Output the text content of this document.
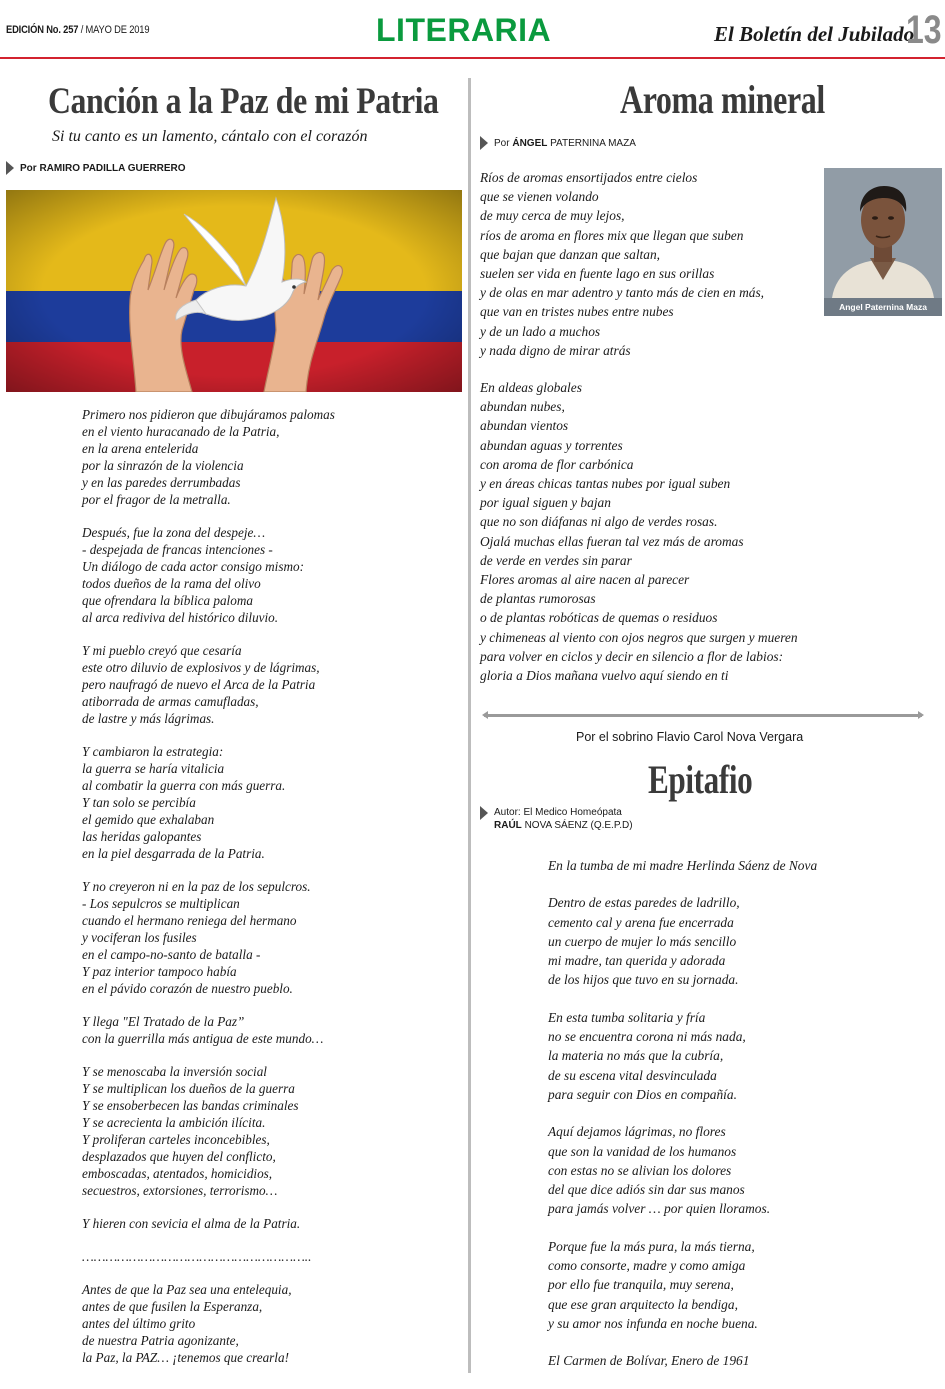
EDICIÓN No. 257 / MAYO DE 2019	LITERARIA	El Boletín del Jubilado
13
Canción a la Paz de mi Patria
Si tu canto es un lamento, cántalo con el corazón
Por RAMIRO PADILLA GUERRERO
Primero nos pidieron que dibujáramos palomas
en el viento huracanado de la Patria,
en la arena entelerida
por la sinrazón de la violencia
y en las paredes derrumbadas
por el fragor de la metralla.
Después, fue la zona del despeje…
- despejada de francas intenciones -
Un diálogo de cada actor consigo mismo:
todos dueños de la rama del olivo
que ofrendara la bíblica paloma
al arca rediviva del histórico diluvio.
Y mi pueblo creyó que cesaría
este otro diluvio de explosivos y de lágrimas,
pero naufragó de nuevo el Arca de la Patria
atiborrada de armas camufladas,
de lastre y más lágrimas.
Y cambiaron la estrategia:
la guerra se haría vitalicia
al combatir la guerra con más guerra.
Y tan solo se percibía
el gemido que exhalaban
las heridas galopantes
en la piel desgarrada de la Patria.
Y no creyeron ni en la paz de los sepulcros.
- Los sepulcros se multiplican
cuando el hermano reniega del hermano
y vociferan los fusiles
en el campo-no-santo de batalla -
Y paz interior tampoco había
en el pávido corazón de nuestro pueblo.
Y llega "El Tratado de la Paz”
con la guerrilla más antigua de este mundo…
Y se menoscaba la inversión social
Y se multiplican los dueños de la guerra
Y se ensoberbecen las bandas criminales
Y se acrecienta la ambición ilícita.
Y proliferan carteles inconcebibles,
desplazados que huyen del conflicto,
emboscadas, atentados, homicidios,
secuestros, extorsiones, terrorismo…
Y hieren con sevicia el alma de la Patria.
…………………………………………………..
Antes de que la Paz sea una entelequia,
antes de que fusilen la Esperanza,
antes del último grito
de nuestra Patria agonizante,
la Paz, la PAZ… ¡tenemos que crearla!
Aroma mineral
Por
ÁNGEL
PATERNINA MAZA
Ríos de aromas ensortijados entre cielos
que se vienen volando
de muy cerca de muy lejos,
ríos de aroma en flores mix que llegan que suben
que bajan que danzan que saltan,
suelen ser vida en fuente lago en sus orillas
y de olas en mar adentro y tanto más de cien en más,
que van en tristes nubes entre nubes
y de un lado a muchos
y nada digno de mirar atrás
En aldeas globales
abundan nubes,
abundan vientos
abundan aguas y torrentes
con aroma de flor carbónica
y en áreas chicas tantas nubes por igual suben
por igual siguen y bajan
que no son diáfanas ni algo de verdes rosas.
Ojalá muchas ellas fueran tal vez más de aromas
de verde en verdes sin parar
Flores aromas al aire nacen al parecer
de plantas rumorosas
o de plantas robóticas de quemas o residuos
y chimeneas al viento con ojos negros que surgen y mueren
para volver en ciclos y decir en silencio a flor de labios:
gloria a Dios mañana vuelvo aquí siendo en ti
Angel Paternina Maza
Por el sobrino Flavio Carol Nova Vergara
Epitafio
Autor: El Medico Homeópata
RAÚL NOVA SÁENZ (Q.E.P.D)
En la tumba de mi madre Herlinda Sáenz de Nova
Dentro de estas paredes de ladrillo,
cemento cal y arena fue encerrada
un cuerpo de mujer lo más sencillo
mi madre, tan querida y adorada
de los hijos que tuvo en su jornada.
En esta tumba solitaria y fría
no se encuentra corona ni más nada,
la materia no más que la cubría,
de su escena vital desvinculada
para seguir con Dios en compañía.
Aquí dejamos lágrimas, no flores
que son la vanidad de los humanos
con estas no se alivian los dolores
del que dice adiós sin dar sus manos
para jamás volver … por quien lloramos.
Porque fue la más pura, la más tierna,
como consorte, madre y como amiga
por ello fue tranquila, muy serena,
que ese gran arquitecto la bendiga,
y su amor nos infunda en noche buena.
El Carmen de Bolívar, Enero de 1961
